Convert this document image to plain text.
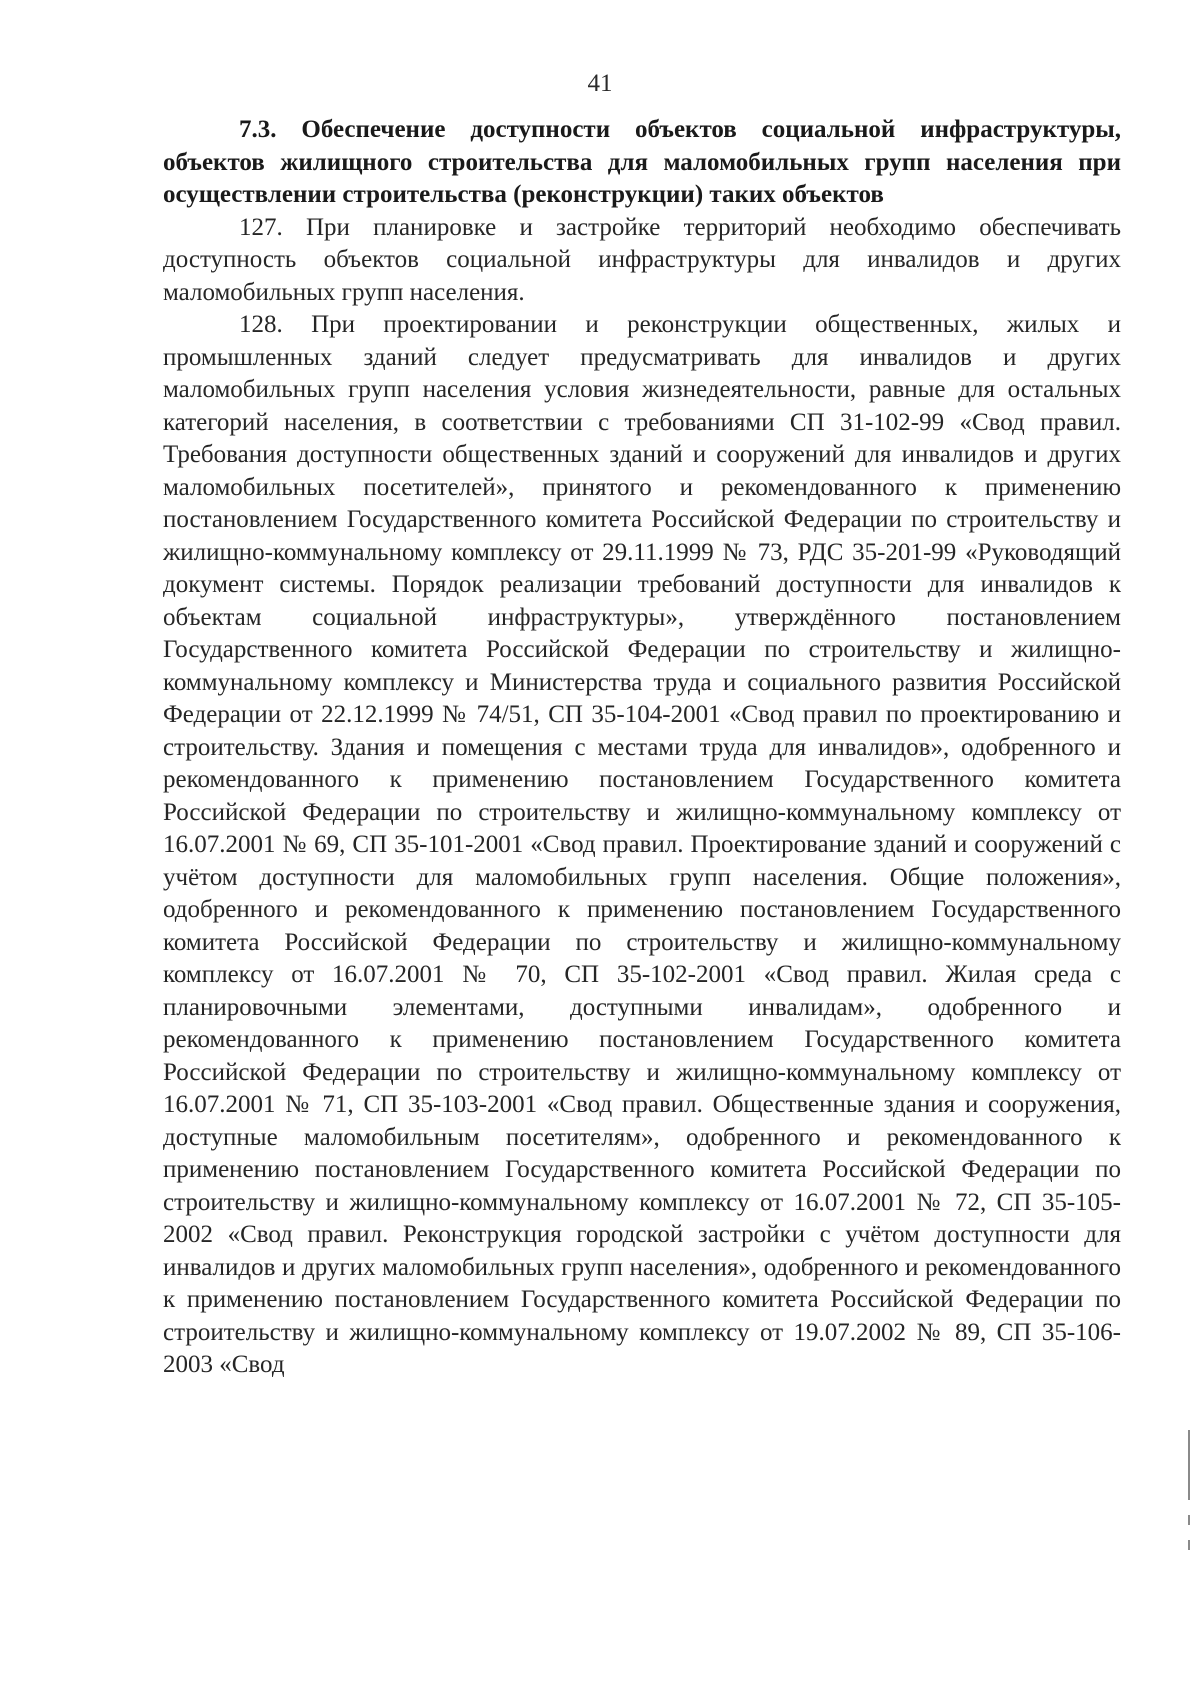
41

7.3. Обеспечение доступности объектов социальной инфраструктуры, объектов жилищного строительства для маломобильных групп населения при осуществлении строительства (реконструкции) таких объектов

127. При планировке и застройке территорий необходимо обеспечивать доступность объектов социальной инфраструктуры для инвалидов и других маломобильных групп населения.

128. При проектировании и реконструкции общественных, жилых и промышленных зданий следует предусматривать для инвалидов и других маломобильных групп населения условия жизнедеятельности, равные для остальных категорий населения, в соответствии с требованиями СП 31-102-99 «Свод правил. Требования доступности общественных зданий и сооружений для инвалидов и других маломобильных посетителей», принятого и рекомендованного к применению постановлением Государственного комитета Российской Федерации по строительству и жилищно-коммунальному комплексу от 29.11.1999 № 73, РДС 35-201-99 «Руководящий документ системы. Порядок реализации требований доступности для инвалидов к объектам социальной инфраструктуры», утверждённого постановлением Государственного комитета Российской Федерации по строительству и жилищно-коммунальному комплексу и Министерства труда и социального развития Российской Федерации от 22.12.1999 № 74/51, СП 35-104-2001 «Свод правил по проектированию и строительству. Здания и помещения с местами труда для инвалидов», одобренного и рекомендованного к применению постановлением Государственного комитета Российской Федерации по строительству и жилищно-коммунальному комплексу от 16.07.2001 № 69, СП 35-101-2001 «Свод правил. Проектирование зданий и сооружений с учётом доступности для маломобильных групп населения. Общие положения», одобренного и рекомендованного к применению постановлением Государственного комитета Российской Федерации по строительству и жилищно-коммунальному комплексу от 16.07.2001 № 70, СП 35-102-2001 «Свод правил. Жилая среда с планировочными элементами, доступными инвалидам», одобренного и рекомендованного к применению постановлением Государственного комитета Российской Федерации по строительству и жилищно-коммунальному комплексу от 16.07.2001 № 71, СП 35-103-2001 «Свод правил. Общественные здания и сооружения, доступные маломобильным посетителям», одобренного и рекомендованного к применению постановлением Государственного комитета Российской Федерации по строительству и жилищно-коммунальному комплексу от 16.07.2001 № 72, СП 35-105-2002 «Свод правил. Реконструкция городской застройки с учётом доступности для инвалидов и других маломобильных групп населения», одобренного и рекомендованного к применению постановлением Государственного комитета Российской Федерации по строительству и жилищно-коммунальному комплексу от 19.07.2002 № 89, СП 35-106-2003 «Свод
